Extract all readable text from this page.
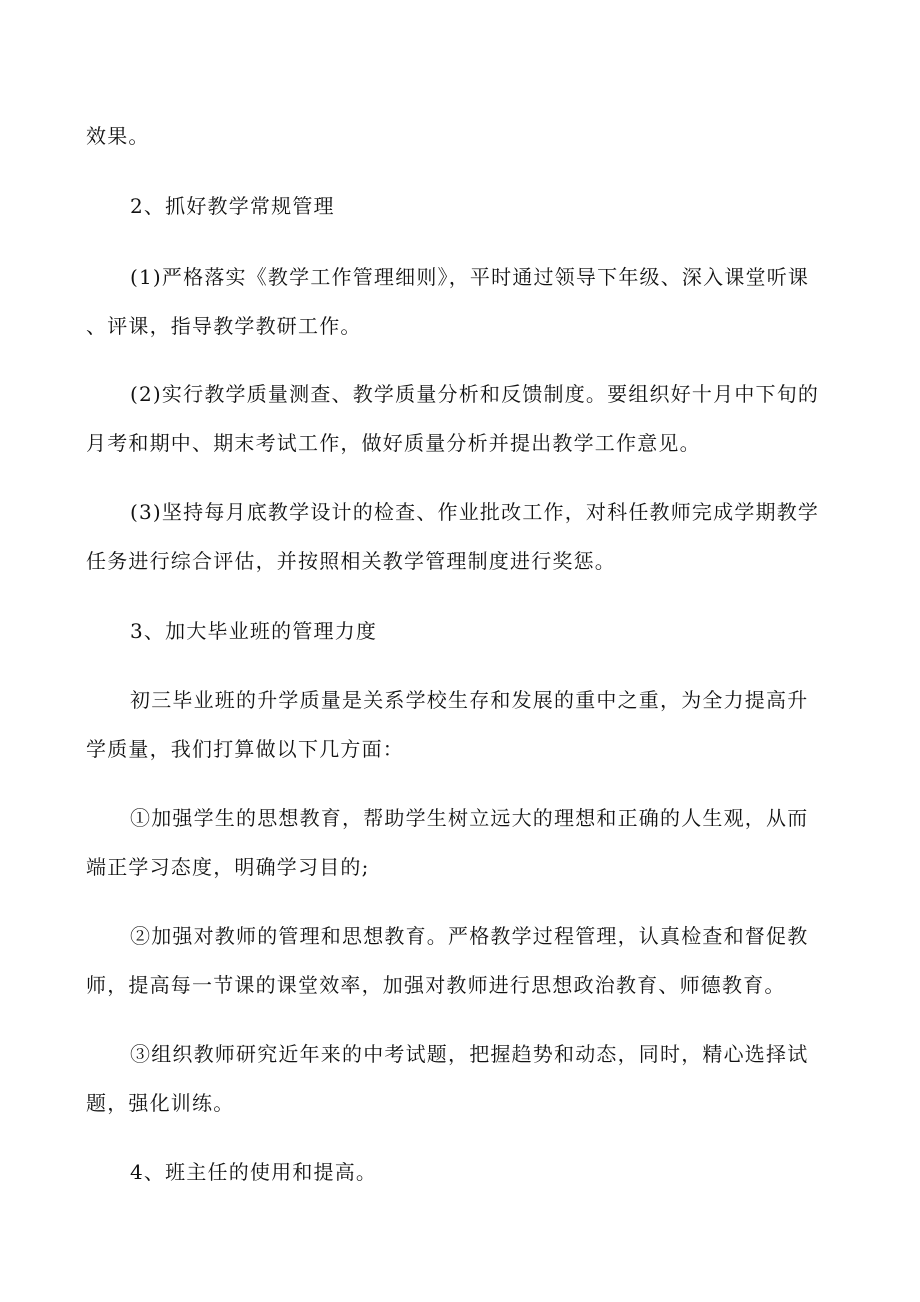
效果。
2、抓好教学常规管理
(1)严格落实《教学工作管理细则》，平时通过领导下年级、深入课堂听课
、评课，指导教学教研工作。
(2)实行教学质量测查、教学质量分析和反馈制度。要组织好十月中下旬的
月考和期中、期末考试工作，做好质量分析并提出教学工作意见。
(3)坚持每月底教学设计的检查、作业批改工作，对科任教师完成学期教学
任务进行综合评估，并按照相关教学管理制度进行奖惩。
3、加大毕业班的管理力度
初三毕业班的升学质量是关系学校生存和发展的重中之重，为全力提高升
学质量，我们打算做以下几方面：
①加强学生的思想教育，帮助学生树立远大的理想和正确的人生观，从而
端正学习态度，明确学习目的;
②加强对教师的管理和思想教育。严格教学过程管理，认真检查和督促教
师，提高每一节课的课堂效率，加强对教师进行思想政治教育、师德教育。
③组织教师研究近年来的中考试题，把握趋势和动态，同时，精心选择试
题，强化训练。
4、班主任的使用和提高。
